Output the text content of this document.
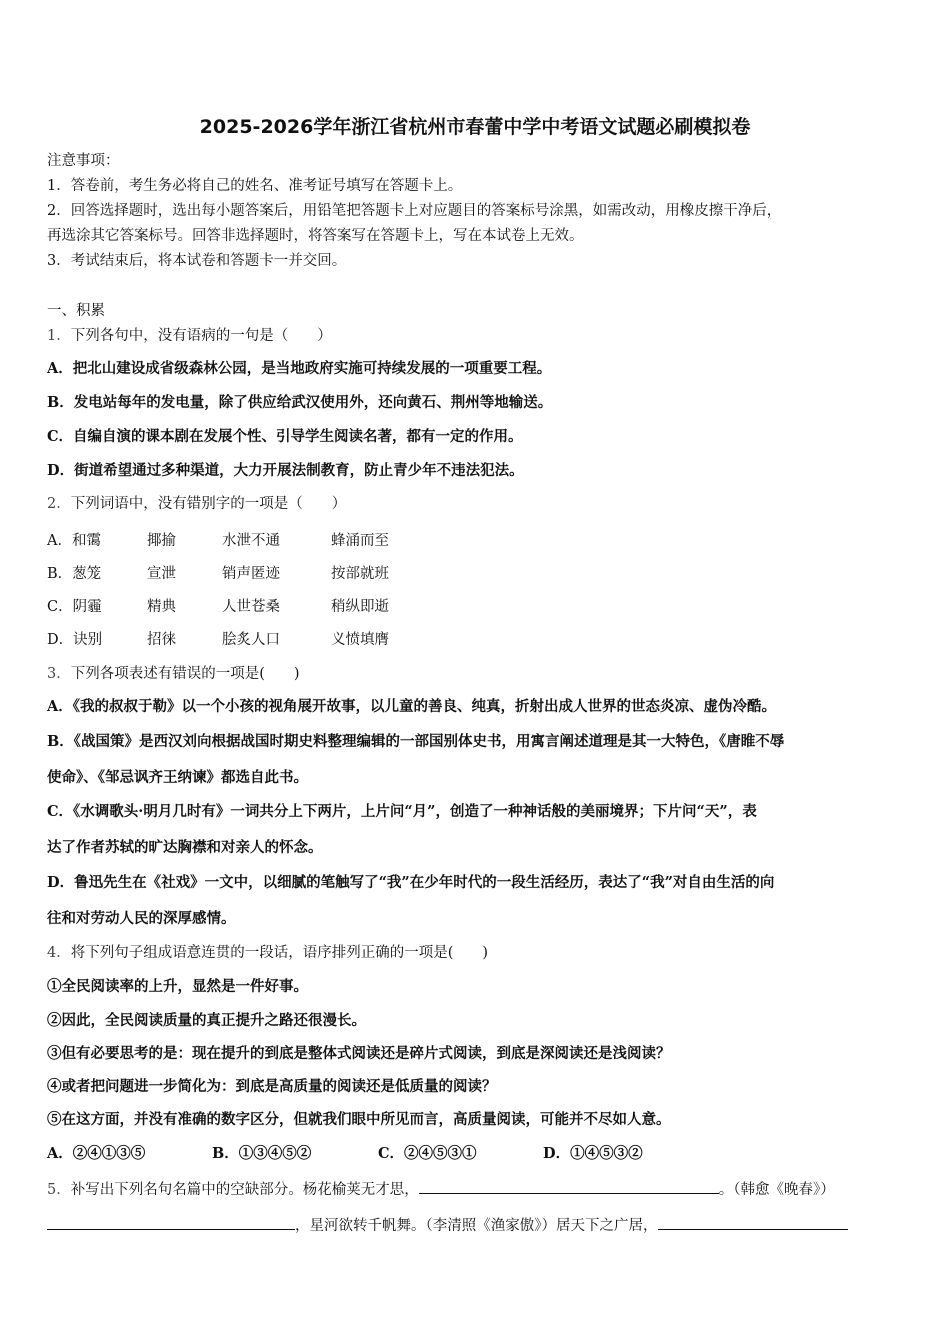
2025-2026学年浙江省杭州市春蕾中学中考语文试题必刷模拟卷
注意事项：
1．答卷前，考生务必将自己的姓名、准考证号填写在答题卡上。
2．回答选择题时，选出每小题答案后，用铅笔把答题卡上对应题目的答案标号涂黑，如需改动，用橡皮擦干净后，
再选涂其它答案标号。回答非选择题时，将答案写在答题卡上，写在本试卷上无效。
3．考试结束后，将本试卷和答题卡一并交回。
一、积累
1．下列各句中，没有语病的一句是（　　）
A．把北山建设成省级森林公园，是当地政府实施可持续发展的一项重要工程。
B．发电站每年的发电量，除了供应给武汉使用外，还向黄石、荆州等地输送。
C．自编自演的课本剧在发展个性、引导学生阅读名著，都有一定的作用。
D．街道希望通过多种渠道，大力开展法制教育，防止青少年不违法犯法。
2．下列词语中，没有错别字的一项是（　　）
A．和霭	揶揄	水泄不通	蜂涌而至
B．葱笼	宣泄	销声匿迹	按部就班
C．阴霾	精典	人世苍桑	稍纵即逝
D．诀别	招徕	脍炙人口	义愤填膺
3．下列各项表述有错误的一项是(　　)
A．《我的叔叔于勒》以一个小孩的视角展开故事，以儿童的善良、纯真，折射出成人世界的世态炎凉、虚伪冷酷。
B．《战国策》是西汉刘向根据战国时期史料整理编辑的一部国别体史书，用寓言阐述道理是其一大特色，《唐睢不辱
使命》、《邹忌讽齐王纳谏》都选自此书。
C．《水调歌头·明月几时有》一词共分上下两片，上片问“月”，创造了一种神话般的美丽境界；下片问“天”，表
达了作者苏轼的旷达胸襟和对亲人的怀念。
D．鲁迅先生在《社戏》一文中，以细腻的笔触写了“我”在少年时代的一段生活经历，表达了“我”对自由生活的向
往和对劳动人民的深厚感情。
4．将下列句子组成语意连贯的一段话，语序排列正确的一项是(　　)
①全民阅读率的上升，显然是一件好事。
②因此，全民阅读质量的真正提升之路还很漫长。
③但有必要思考的是：现在提升的到底是整体式阅读还是碎片式阅读，到底是深阅读还是浅阅读？
④或者把问题进一步简化为：到底是高质量的阅读还是低质量的阅读？
⑤在这方面，并没有准确的数字区分，但就我们眼中所见而言，高质量阅读，可能并不尽如人意。
A．②④①③⑤	B．①③④⑤②	C．②④⑤③①	D．①④⑤③②
5．补写出下列名句名篇中的空缺部分。杨花榆荚无才思，	。（韩愈《晚春》）
，星河欲转千帆舞。（李清照《渔家傲》）居天下之广居，
